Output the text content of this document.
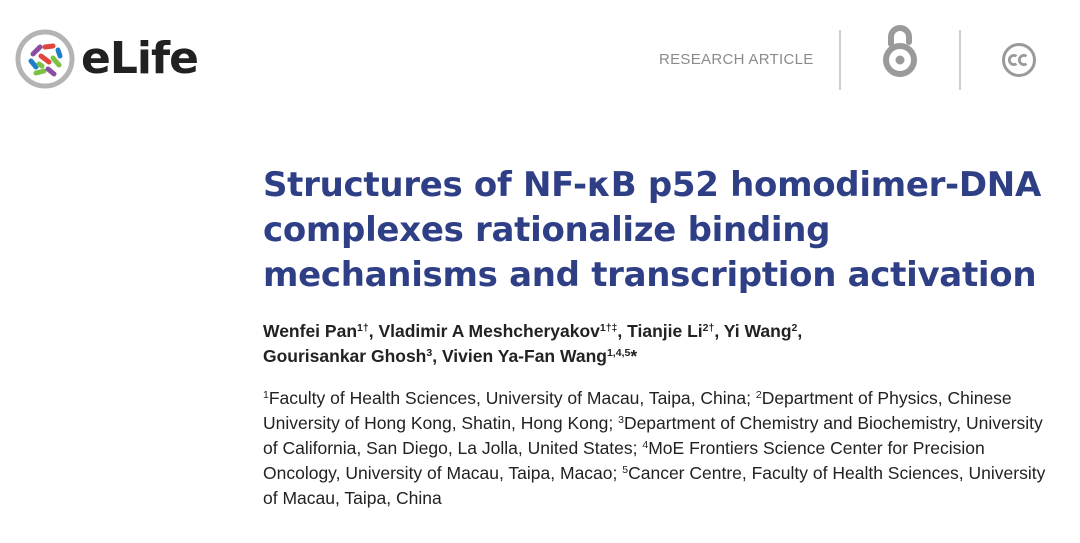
eLife	RESEARCH ARTICLE
Structures of NF-κB p52 homodimer-DNA complexes rationalize binding mechanisms and transcription activation

Wenfei Pan$^{1\dagger}$, Vladimir A Meshcheryakov$^{1\dagger\ddagger}$, Tianjie $Li^{2\dagger}$, Yi Wang$^2$,
Gourisankar Ghosh$^3$, Vivien Ya-Fan Wang$^{1,4,5}$*

$^1$Faculty of Health Sciences, University of Macau, Taipa, China; $^2$Department of Physics, Chinese University of Hong Kong, Shatin, Hong Kong; $^3$Department of Chemistry and Biochemistry, University of California, San Diego, La Jolla, United States; $^4$MoE Frontiers Science Center for Precision Oncology, University of Macau, Taipa, Macao; $^5$Cancer Centre, Faculty of Health Sciences, University of Macau, Taipa, China
